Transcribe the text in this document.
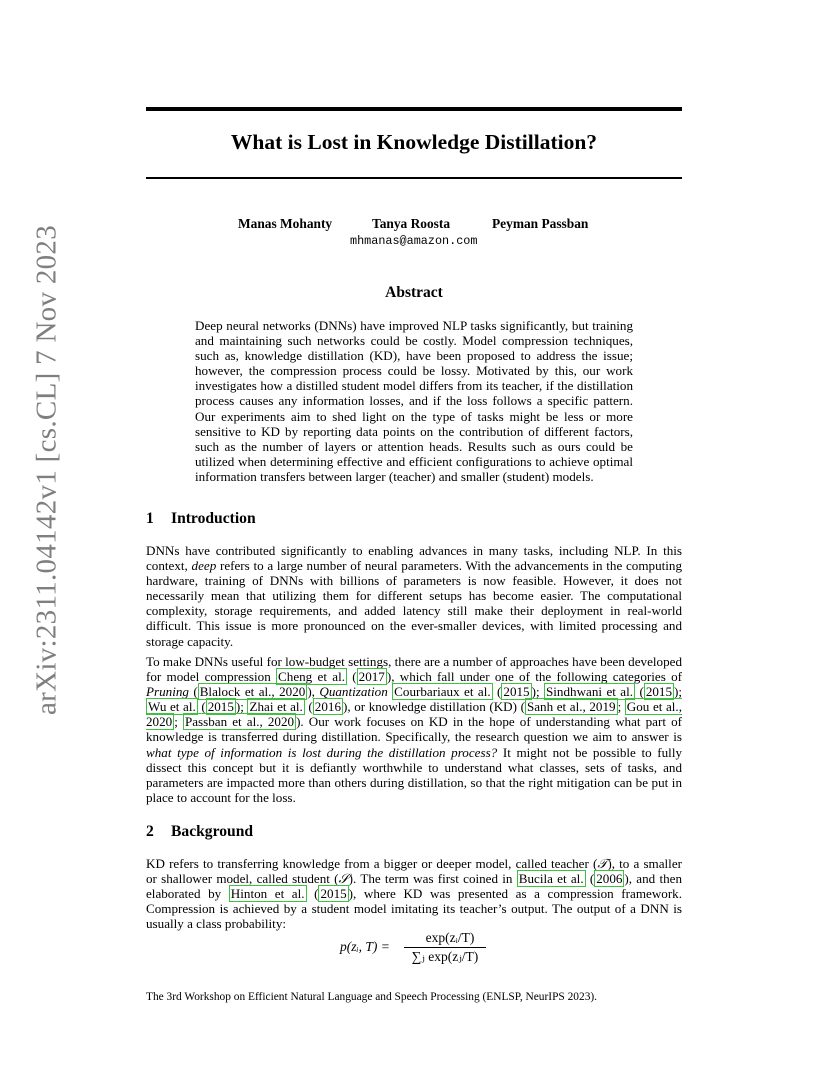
arXiv:2311.04142v1 [cs.CL] 7 Nov 2023
What is Lost in Knowledge Distillation?
Manas Mohanty	Tanya Roosta	Peyman Passban
mhmanas@amazon.com
Abstract

Deep neural networks (DNNs) have improved NLP tasks significantly, but training and maintaining such networks could be costly. Model compression techniques, such as, knowledge distillation (KD), have been proposed to address the issue; however, the compression process could be lossy. Motivated by this, our work investigates how a distilled student model differs from its teacher, if the distillation process causes any information losses, and if the loss follows a specific pattern. Our experiments aim to shed light on the type of tasks might be less or more sensitive to KD by reporting data points on the contribution of different factors, such as the number of layers or attention heads. Results such as ours could be utilized when determining effective and efficient configurations to achieve optimal information transfers between larger (teacher) and smaller (student) models.

1 Introduction

DNNs have contributed significantly to enabling advances in many tasks, including NLP. In this context, deep refers to a large number of neural parameters. With the advancements in the computing hardware, training of DNNs with billions of parameters is now feasible. However, it does not necessarily mean that utilizing them for different setups has become easier. The computational complexity, storage requirements, and added latency still make their deployment in real-world difficult. This issue is more pronounced on the ever-smaller devices, with limited processing and storage capacity.

To make DNNs useful for low-budget settings, there are a number of approaches have been developed for model compression Cheng et al. ( 2017 ), which fall under one of the following categories of Pruning ( Blalock et al., 2020 ), Quantization Courbariaux et al. ( 2015 ); Sindhwani et al. ( 2015 ); Wu et al. ( 2015 ); Zhai et al. ( 2016 ), or knowledge distillation (KD) ( Sanh et al., 2019 ; Gou et al., 2020 ; Passban et al., 2020 ). Our work focuses on KD in the hope of understanding what part of knowledge is transferred during distillation. Specifically, the research question we aim to answer is what type of information is lost during the distillation process? It might not be possible to fully dissect this concept but it is defiantly worthwhile to understand what classes, sets of tasks, and parameters are impacted more than others during distillation, so that the right mitigation can be put in place to account for the loss.

2 Background

KD refers to transferring knowledge from a bigger or deeper model, called teacher (𝒯), to a smaller or shallower model, called student (𝒮). The term was first coined in Bucila et al. ( 2006 ), and then elaborated by Hinton et al. ( 2015 ), where KD was presented as a compression framework. Compression is achieved by a student model imitating its teacher’s output. The output of a DNN is usually a class probability:

p(zᵢ, T) =
exp(zᵢ/T)
∑ⱼ exp(zⱼ/T)
The 3rd Workshop on Efficient Natural Language and Speech Processing (ENLSP, NeurIPS 2023).
